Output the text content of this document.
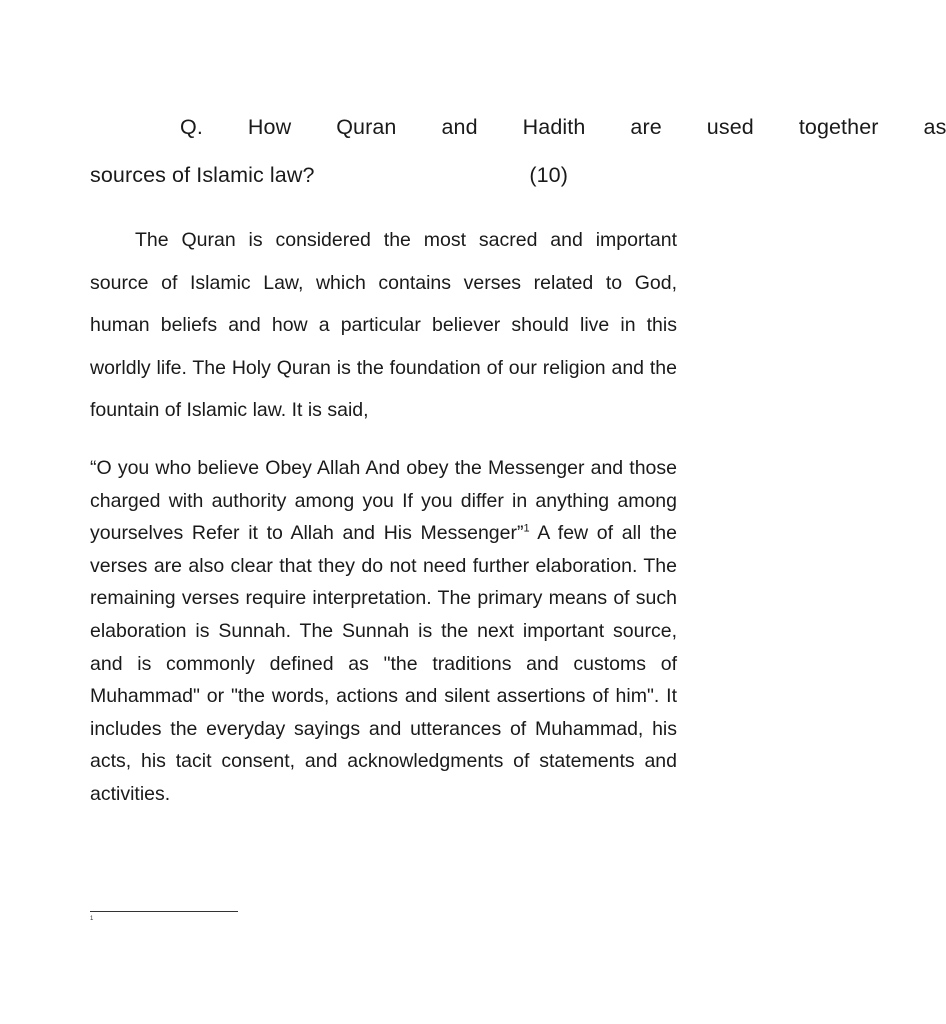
Q.	How	Quran	and	Hadith	are	used	together	as
sources of Islamic law?	(10)

The Quran is considered the most sacred and important source of Islamic Law, which contains verses related to God, human beliefs and how a particular believer should live in this worldly life. The Holy Quran is the foundation of our religion and the fountain of Islamic law. It is said,

“O you who believe Obey Allah And obey the Messenger and those charged with authority among you If you differ in anything among yourselves Refer it to Allah and His Messenger”$^1$ A few of all the verses are also clear that they do not need further elaboration. The remaining verses require interpretation. The primary means of such elaboration is Sunnah. The Sunnah is the next important source, and is commonly defined as "the traditions and customs of Muhammad" or "the words, actions and silent assertions of him". It includes the everyday sayings and utterances of Muhammad, his acts, his tacit consent, and acknowledgments of statements and activities.

1
